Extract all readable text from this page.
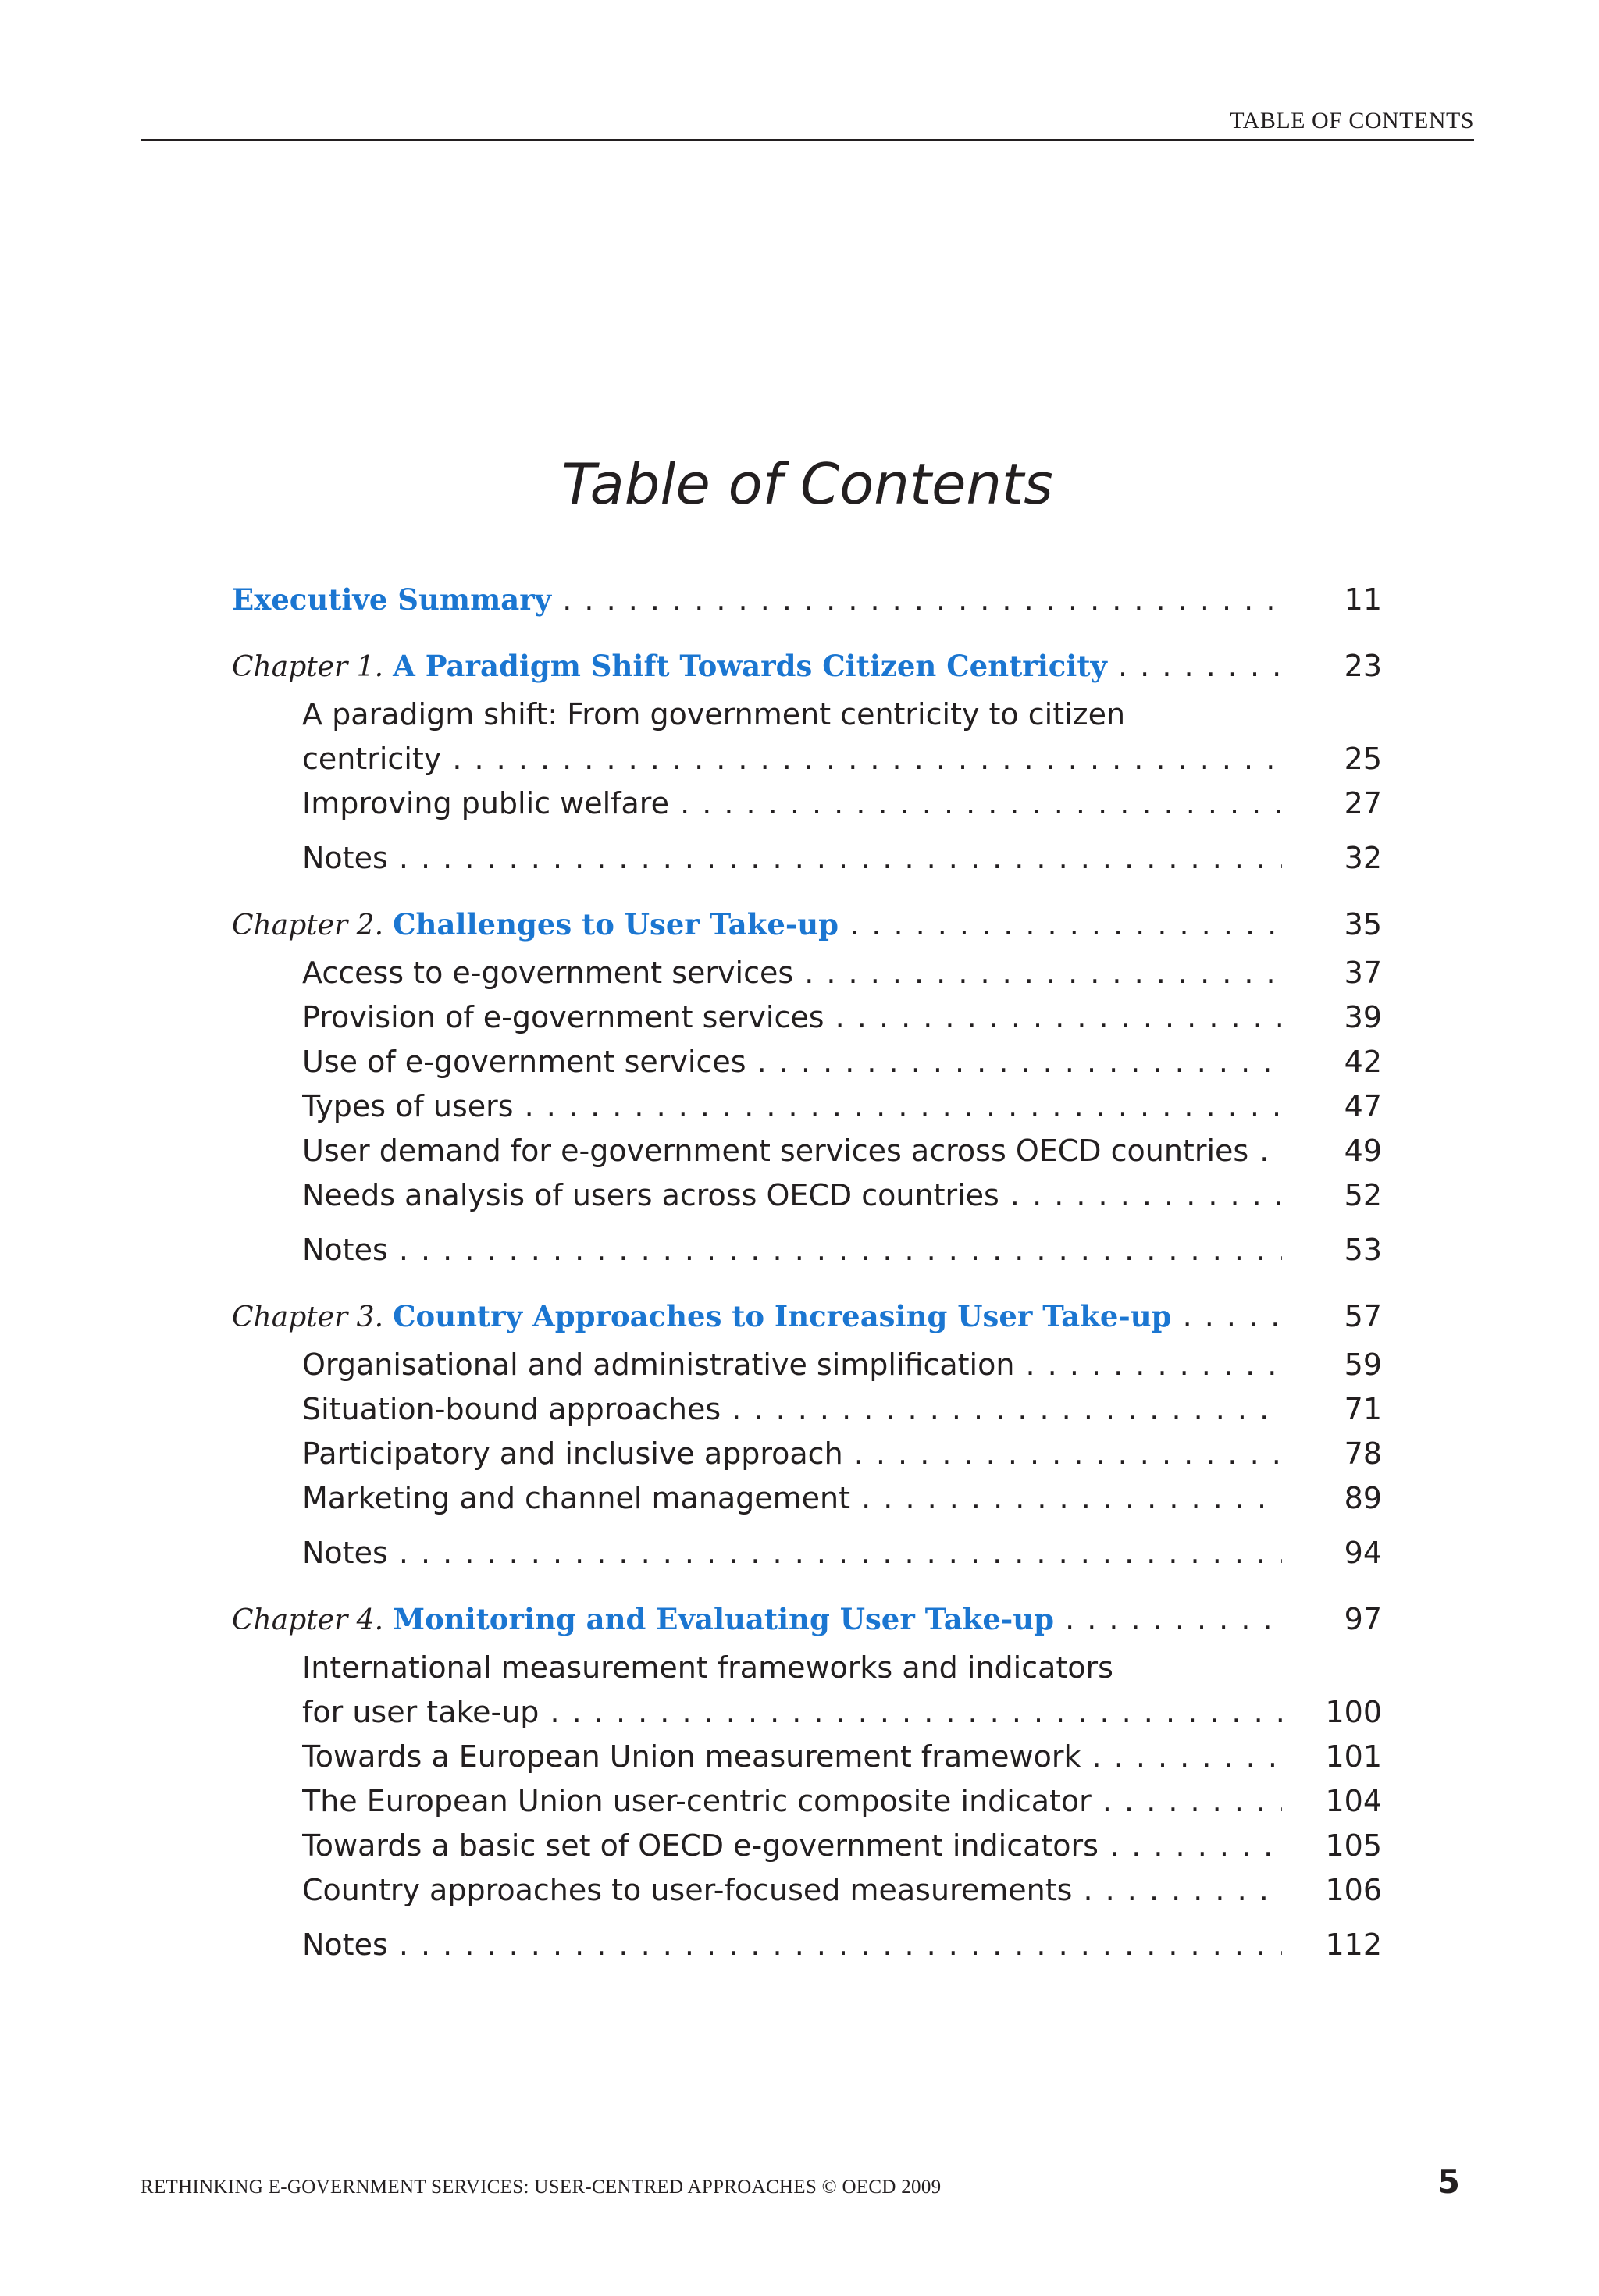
TABLE OF CONTENTS
Table of Contents
Executive Summary . . .	11
Chapter 1. A Paradigm Shift Towards Citizen Centricity . . .	23
A paradigm shift: From government centricity to citizen
centricity . . .	25
Improving public welfare . . .	27
Notes . . .	32
Chapter 2. Challenges to User Take-up . . .	35
Access to e-government services . . .	37
Provision of e-government services . . .	39
Use of e-government services . . .	42
Types of users . . .	47
User demand for e-government services across OECD countries . . .	49
Needs analysis of users across OECD countries . . .	52
Notes . . .	53
Chapter 3. Country Approaches to Increasing User Take-up . . .	57
Organisational and administrative simplification . . .	59
Situation-bound approaches . . .	71
Participatory and inclusive approach . . .	78
Marketing and channel management . . .	89
Notes . . .	94
Chapter 4. Monitoring and Evaluating User Take-up . . .	97
International measurement frameworks and indicators
for user take-up . . .	100
Towards a European Union measurement framework . . .	101
The European Union user-centric composite indicator . . .	104
Towards a basic set of OECD e-government indicators . . .	105
Country approaches to user-focused measurements . . .	106
Notes . . .	112
RETHINKING E-GOVERNMENT SERVICES: USER-CENTRED APPROACHES © OECD 2009	5
